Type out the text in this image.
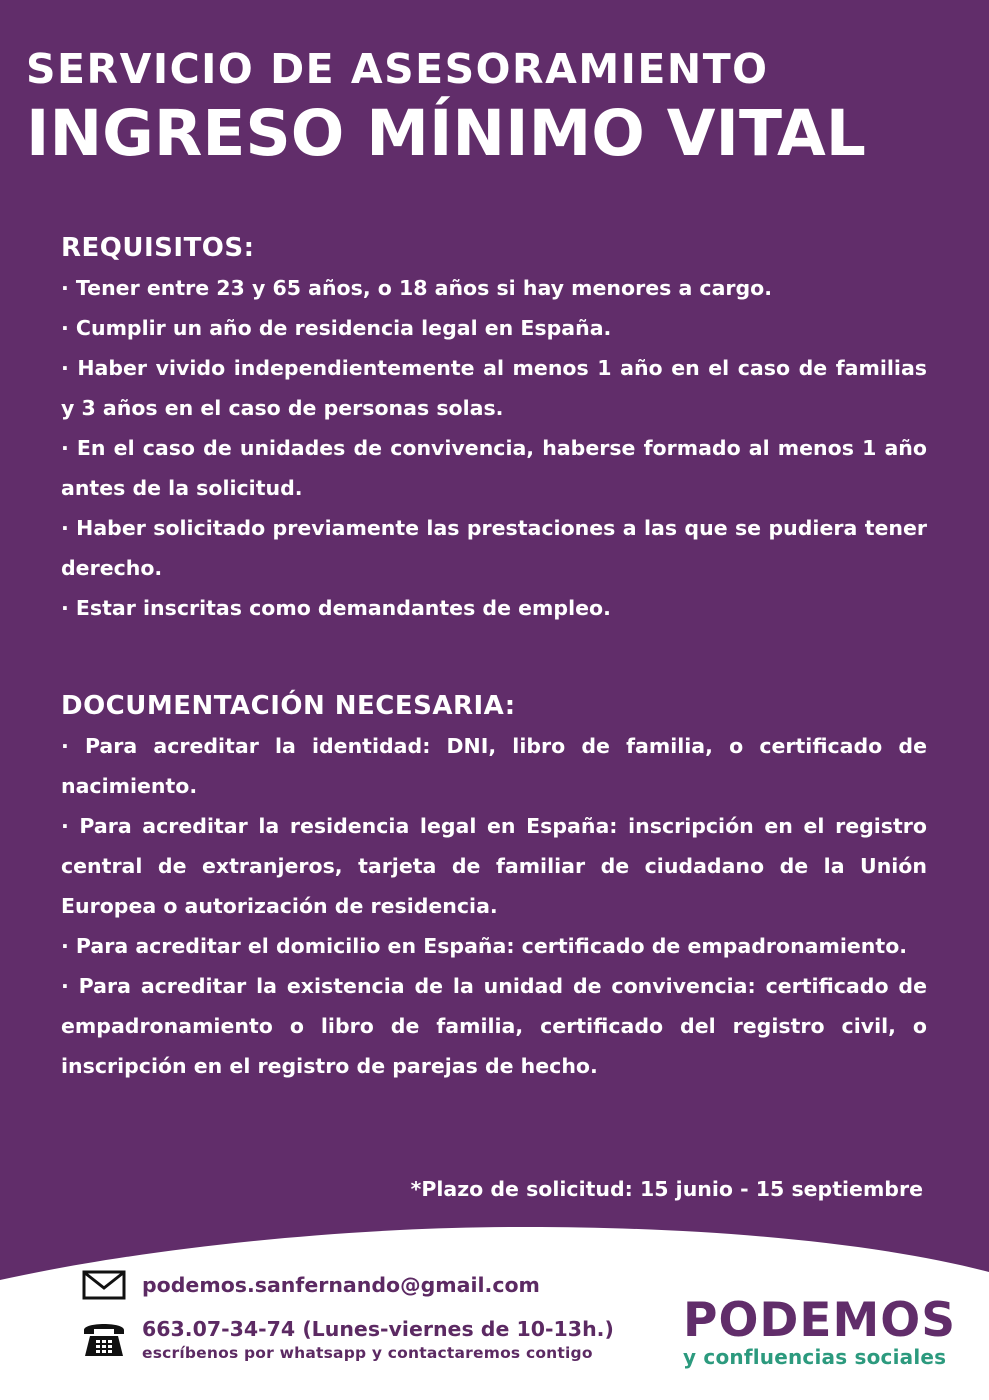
SERVICIO DE ASESORAMIENTO
INGRESO MÍNIMO VITAL

REQUISITOS:

· Tener entre 23 y 65 años, o 18 años si hay menores a cargo.

· Cumplir un año de residencia legal en España.

· Haber vivido independientemente al menos 1 año en el caso de familias y 3 años en el caso de personas solas.

· En el caso de unidades de convivencia, haberse formado al menos 1 año antes de la solicitud.

· Haber solicitado previamente las prestaciones a las que se pudiera tener derecho.

· Estar inscritas como demandantes de empleo.

DOCUMENTACIÓN NECESARIA:

· Para acreditar la identidad: DNI, libro de familia, o certificado de nacimiento.

· Para acreditar la residencia legal en España: inscripción en el registro central de extranjeros, tarjeta de familiar de ciudadano de la Unión Europea o autorización de residencia.

· Para acreditar el domicilio en España: certificado de empadronamiento.

· Para acreditar la existencia de la unidad de convivencia: certificado de empadronamiento o libro de familia, certificado del registro civil, o inscripción en el registro de parejas de hecho.

*Plazo de solicitud: 15 junio - 15 septiembre
podemos.sanfernando@gmail.com
663.07-34-74 (Lunes-viernes de 10-13h.)
escríbenos por whatsapp y contactaremos contigo
PODEMOS
y confluencias sociales
